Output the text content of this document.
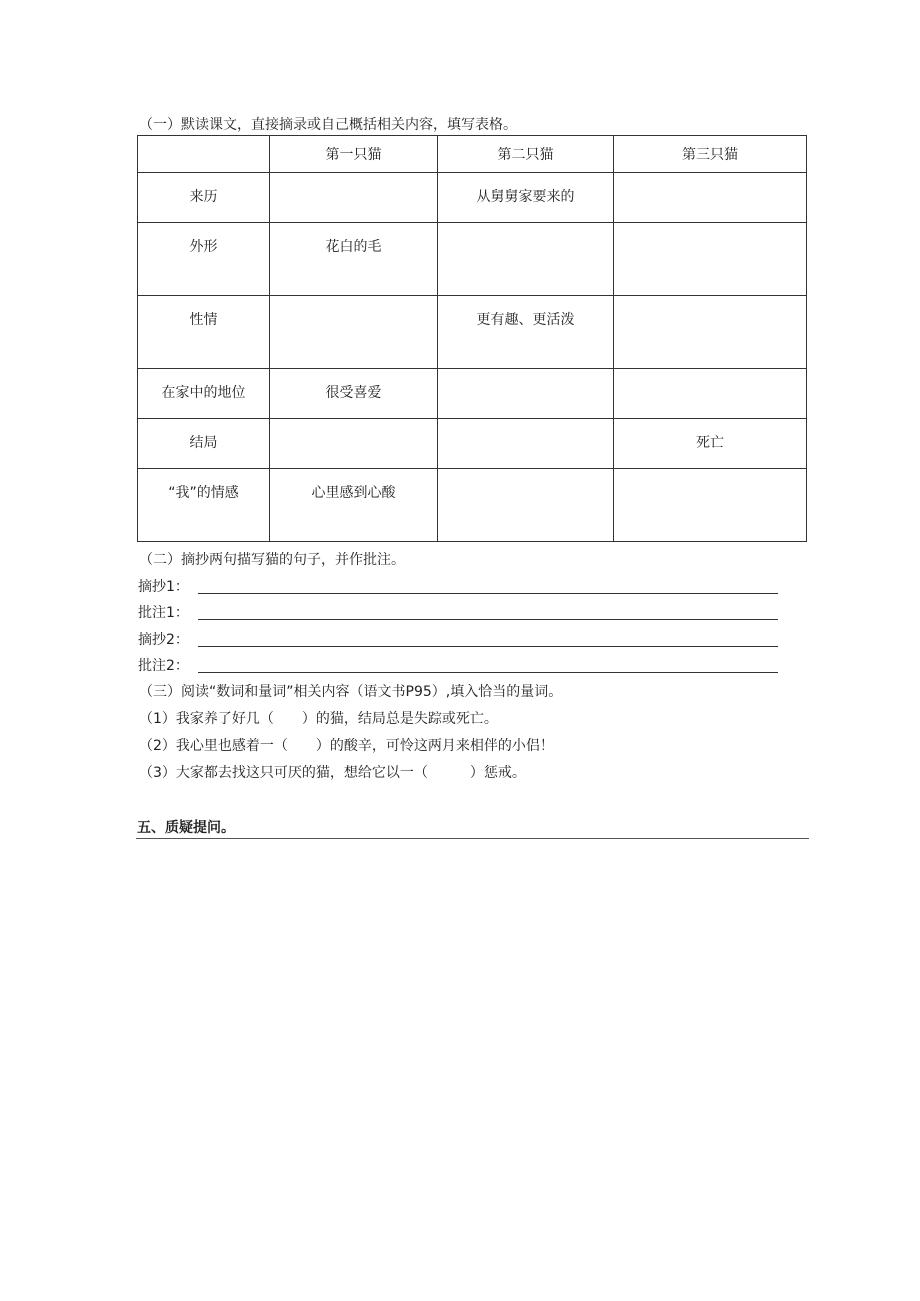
（一）默读课文，直接摘录或自己概括相关内容，填写表格。
	第一只猫	第二只猫	第三只猫

来历		从舅舅家要来的	

外形	花白的毛		

性情		更有趣、更活泼	

在家中的地位	很受喜爱		

结局			死亡

“我”的情感	心里感到心酸		

（二）摘抄两句描写猫的句子，并作批注。
摘抄1：
批注1：
摘抄2：
批注2：
（三）阅读“数词和量词”相关内容（语文书P95）,填入恰当的量词。
（1）我家养了好几（　　）的猫，结局总是失踪或死亡。
（2）我心里也感着一（　　）的酸辛，可怜这两月来相伴的小侣！
（3）大家都去找这只可厌的猫，想给它以一（　　　）惩戒。
五、质疑提问。
